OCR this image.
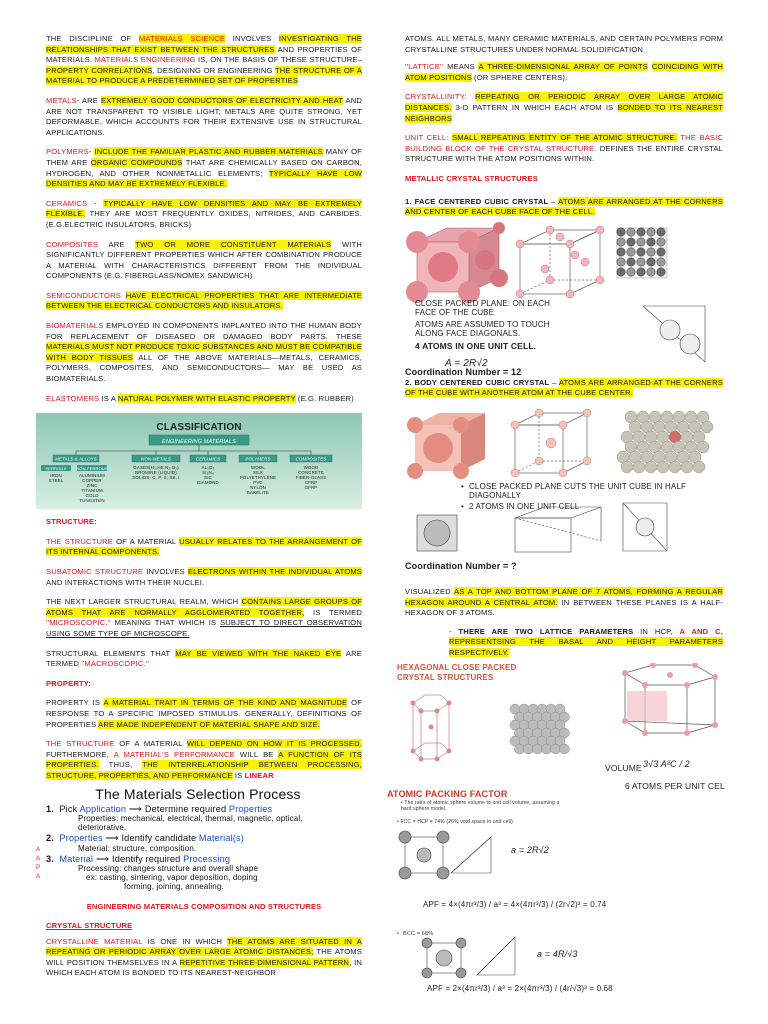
THE DISCIPLINE OF MATERIALS SCIENCE INVOLVES INVESTIGATING THE RELATIONSHIPS THAT EXIST BETWEEN THE STRUCTURES AND PROPERTIES OF MATERIALS. MATERIALS ENGINEERING IS, ON THE BASIS OF THESE STRUCTURE–PROPERTY CORRELATIONS, DESIGNING OR ENGINEERING THE STRUCTURE OF A MATERIAL TO PRODUCE A PREDETERMINED SET OF PROPERTIES

METALS- ARE EXTREMELY GOOD CONDUCTORS OF ELECTRICITY AND HEAT AND ARE NOT TRANSPARENT TO VISIBLE LIGHT; METALS ARE QUITE STRONG, YET DEFORMABLE, WHICH ACCOUNTS FOR THEIR EXTENSIVE USE IN STRUCTURAL APPLICATIONS.

POLYMERS- INCLUDE THE FAMILIAR PLASTIC AND RUBBER MATERIALS MANY OF THEM ARE ORGANIC COMPOUNDS THAT ARE CHEMICALLY BASED ON CARBON, HYDROGEN, AND OTHER NONMETALLIC ELEMENTS; TYPICALLY HAVE LOW DENSITIES AND MAY BE EXTREMELY FLEXIBLE.

CERAMICS - TYPICALLY HAVE LOW DENSITIES AND MAY BE EXTREMELY FLEXIBLE. THEY ARE MOST FREQUENTLY OXIDES, NITRIDES, AND CARBIDES. (E.G.ELECTRIC INSULATORS, BRICKS)

COMPOSITES ARE TWO OR MORE CONSTITUENT MATERIALS WITH SIGNIFICANTLY DIFFERENT PROPERTIES WHICH AFTER COMBINATION PRODUCE A MATERIAL WITH CHARACTERISTICS DIFFERENT FROM THE INDIVIDUAL COMPONENTS (E.G. FIBERGLASS/NOMEX SANDWICH)

SEMICONDUCTORS HAVE ELECTRICAL PROPERTIES THAT ARE INTERMEDIATE BETWEEN THE ELECTRICAL CONDUCTORS AND INSULATORS.

BIOMATERIALS EMPLOYED IN COMPONENTS IMPLANTED INTO THE HUMAN BODY FOR REPLACEMENT OF DISEASED OR DAMAGED BODY PARTS. THESE MATERIALS MUST NOT PRODUCE TOXIC SUBSTANCES AND MUST BE COMPATIBLE WITH BODY TISSUES ALL OF THE ABOVE MATERIALS—METALS, CERAMICS, POLYMERS, COMPOSITES, AND SEMICONDUCTORS— MAY BE USED AS BIOMATERIALS.

ELASTOMERS IS A NATURAL POLYMER WITH ELASTIC PROPERTY (E.G. RUBBER)

CLASSIFICATION
ENGINEERING MATERIALS
METALS & ALLOYS	NON-METALS	CERAMICS	POLYMERS	COMPOSITES
FERROUS NON-FERROUS
IRON
STEEL
ALUMINIUM
COPPER
ZINC
TITANIUM
GOLD
TUNGSTEN
GASES(H₂,HE,N₂,O₂)
BROMINE (LIQUID)
SOLIDS- C, P, S, SE, I
AL₂O₃
SI₃N₄
SIC
DIAMOND
WOOL
SILK
POLYETHYLENE
PVC
NYLON
BAKELITE
WOOD
CONCRETE
FIBER-GLASS
CFRP
GFRP

STRUCTURE:

THE STRUCTURE OF A MATERIAL USUALLY RELATES TO THE ARRANGEMENT OF ITS INTERNAL COMPONENTS.

SUBATOMIC STRUCTURE INVOLVES ELECTRONS WITHIN THE INDIVIDUAL ATOMS AND INTERACTIONS WITH THEIR NUCLEI.

THE NEXT LARGER STRUCTURAL REALM, WHICH CONTAINS LARGE GROUPS OF ATOMS THAT ARE NORMALLY AGGLOMERATED TOGETHER, IS TERMED ''MICROSCOPIC,'' MEANING THAT WHICH IS SUBJECT TO DIRECT OBSERVATION USING SOME TYPE OF MICROSCOPE.

STRUCTURAL ELEMENTS THAT MAY BE VIEWED WITH THE NAKED EYE ARE TERMED ''MACROSCOPIC.''

PROPERTY:

PROPERTY IS A MATERIAL TRAIT IN TERMS OF THE KIND AND MAGNITUDE OF RESPONSE TO A SPECIFIC IMPOSED STIMULUS. GENERALLY, DEFINITIONS OF PROPERTIES ARE MADE INDEPENDENT OF MATERIAL SHAPE AND SIZE.

THE STRUCTURE OF A MATERIAL WILL DEPEND ON HOW IT IS PROCESSED. FURTHERMORE, A MATERIAL'S PERFORMANCE WILL BE A FUNCTION OF ITS PROPERTIES. THUS, THE INTERRELATIONSHIP BETWEEN PROCESSING, STRUCTURE, PROPERTIES, AND PERFORMANCE IS LINEAR

The Materials Selection Process
A
A
P
A
1. Pick Application ⟶ Determine required Properties
Properties: mechanical, electrical, thermal, magnetic, optical, deteriorative.
2. Properties ⟶ Identify candidate Material(s)
Material: structure, composition.
3. Material ⟶ Identify required Processing
Processing: changes structure and overall shape
ex: casting, sintering, vapor deposition, doping
forming, joining, annealing.

ENGINEERING MATERIALS COMPOSITION AND STRUCTURES

CRYSTAL STRUCTURE

CRYSTALLINE MATERIAL IS ONE IN WHICH THE ATOMS ARE SITUATED IN A REPEATING OR PERIODIC ARRAY OVER LARGE ATOMIC DISTANCES; THE ATOMS WILL POSITION THEMSELVES IN A REPETITIVE THREE-DIMENSIONAL PATTERN, IN WHICH EACH ATOM IS BONDED TO ITS NEAREST-NEIGHBOR

ATOMS. ALL METALS, MANY CERAMIC MATERIALS, AND CERTAIN POLYMERS FORM CRYSTALLINE STRUCTURES UNDER NORMAL SOLIDIFICATION

''LATTICE'' MEANS A THREE-DIMENSIONAL ARRAY OF POINTS COINCIDING WITH ATOM POSITIONS (OR SPHERE CENTERS).

CRYSTALLINITY: REPEATING OR PERIODIC ARRAY OVER LARGE ATOMIC DISTANCES. 3-D PATTERN IN WHICH EACH ATOM IS BONDED TO ITS NEAREST NEIGHBORS

UNIT CELL: SMALL REPEATING ENTITY OF THE ATOMIC STRUCTURE. THE BASIC BUILDING BLOCK OF THE CRYSTAL STRUCTURE. DEFINES THE ENTIRE CRYSTAL STRUCTURE WITH THE ATOM POSITIONS WITHIN.

METALLIC CRYSTAL STRUCTURES

1. FACE CENTERED CUBIC CRYSTAL – ATOMS ARE ARRANGED AT THE CORNERS AND CENTER OF EACH CUBE FACE OF THE CELL.

CLOSE PACKED PLANE: ON EACH
FACE OF THE CUBE
ATOMS ARE ASSUMED TO TOUCH
ALONG FACE DIAGONALS.
4 ATOMS IN ONE UNIT CELL.
A = 2R√2
Coordination Number = 12

2. BODY CENTERED CUBIC CRYSTAL – ATOMS ARE ARRANGED AT THE CORNERS OF THE CUBE WITH ANOTHER ATOM AT THE CUBE CENTER.

• CLOSE PACKED PLANE CUTS THE UNIT CUBE IN HALF
DIAGONALLY
• 2 ATOMS IN ONE UNIT CELL
Coordination Number = ?

VISUALIZED AS A TOP AND BOTTOM PLANE OF 7 ATOMS, FORMING A REGULAR HEXAGON AROUND A CENTRAL ATOM. IN BETWEEN THESE PLANES IS A HALF-HEXAGON OF 3 ATOMS.

- THERE ARE TWO LATTICE PARAMETERS IN HCP, A AND C, REPRESENTSING THE BASAL AND HEIGHT PARAMETERS RESPECTIVELY.

HEXAGONAL CLOSE PACKED
CRYSTAL STRUCTURES
VOLUME 3√3 A²C / 2
6 ATOMS PER UNIT CELL
ATOMIC PACKING FACTOR
• The ratio of atomic sphere volume to unit cell volume, assuming a hard sphere model.
• FCC = HCP = 74% (26% void space in unit cell)
a = 2R√2
APF = 4×(4πr³/3) / a³ = 4×(4πr³/3) / (2r√2)³ = 0.74
• BCC = 68%
a = 4R/√3
APF = 2×(4πr³/3) / a³ = 2×(4πr³/3) / (4r/√3)³ = 0.68
